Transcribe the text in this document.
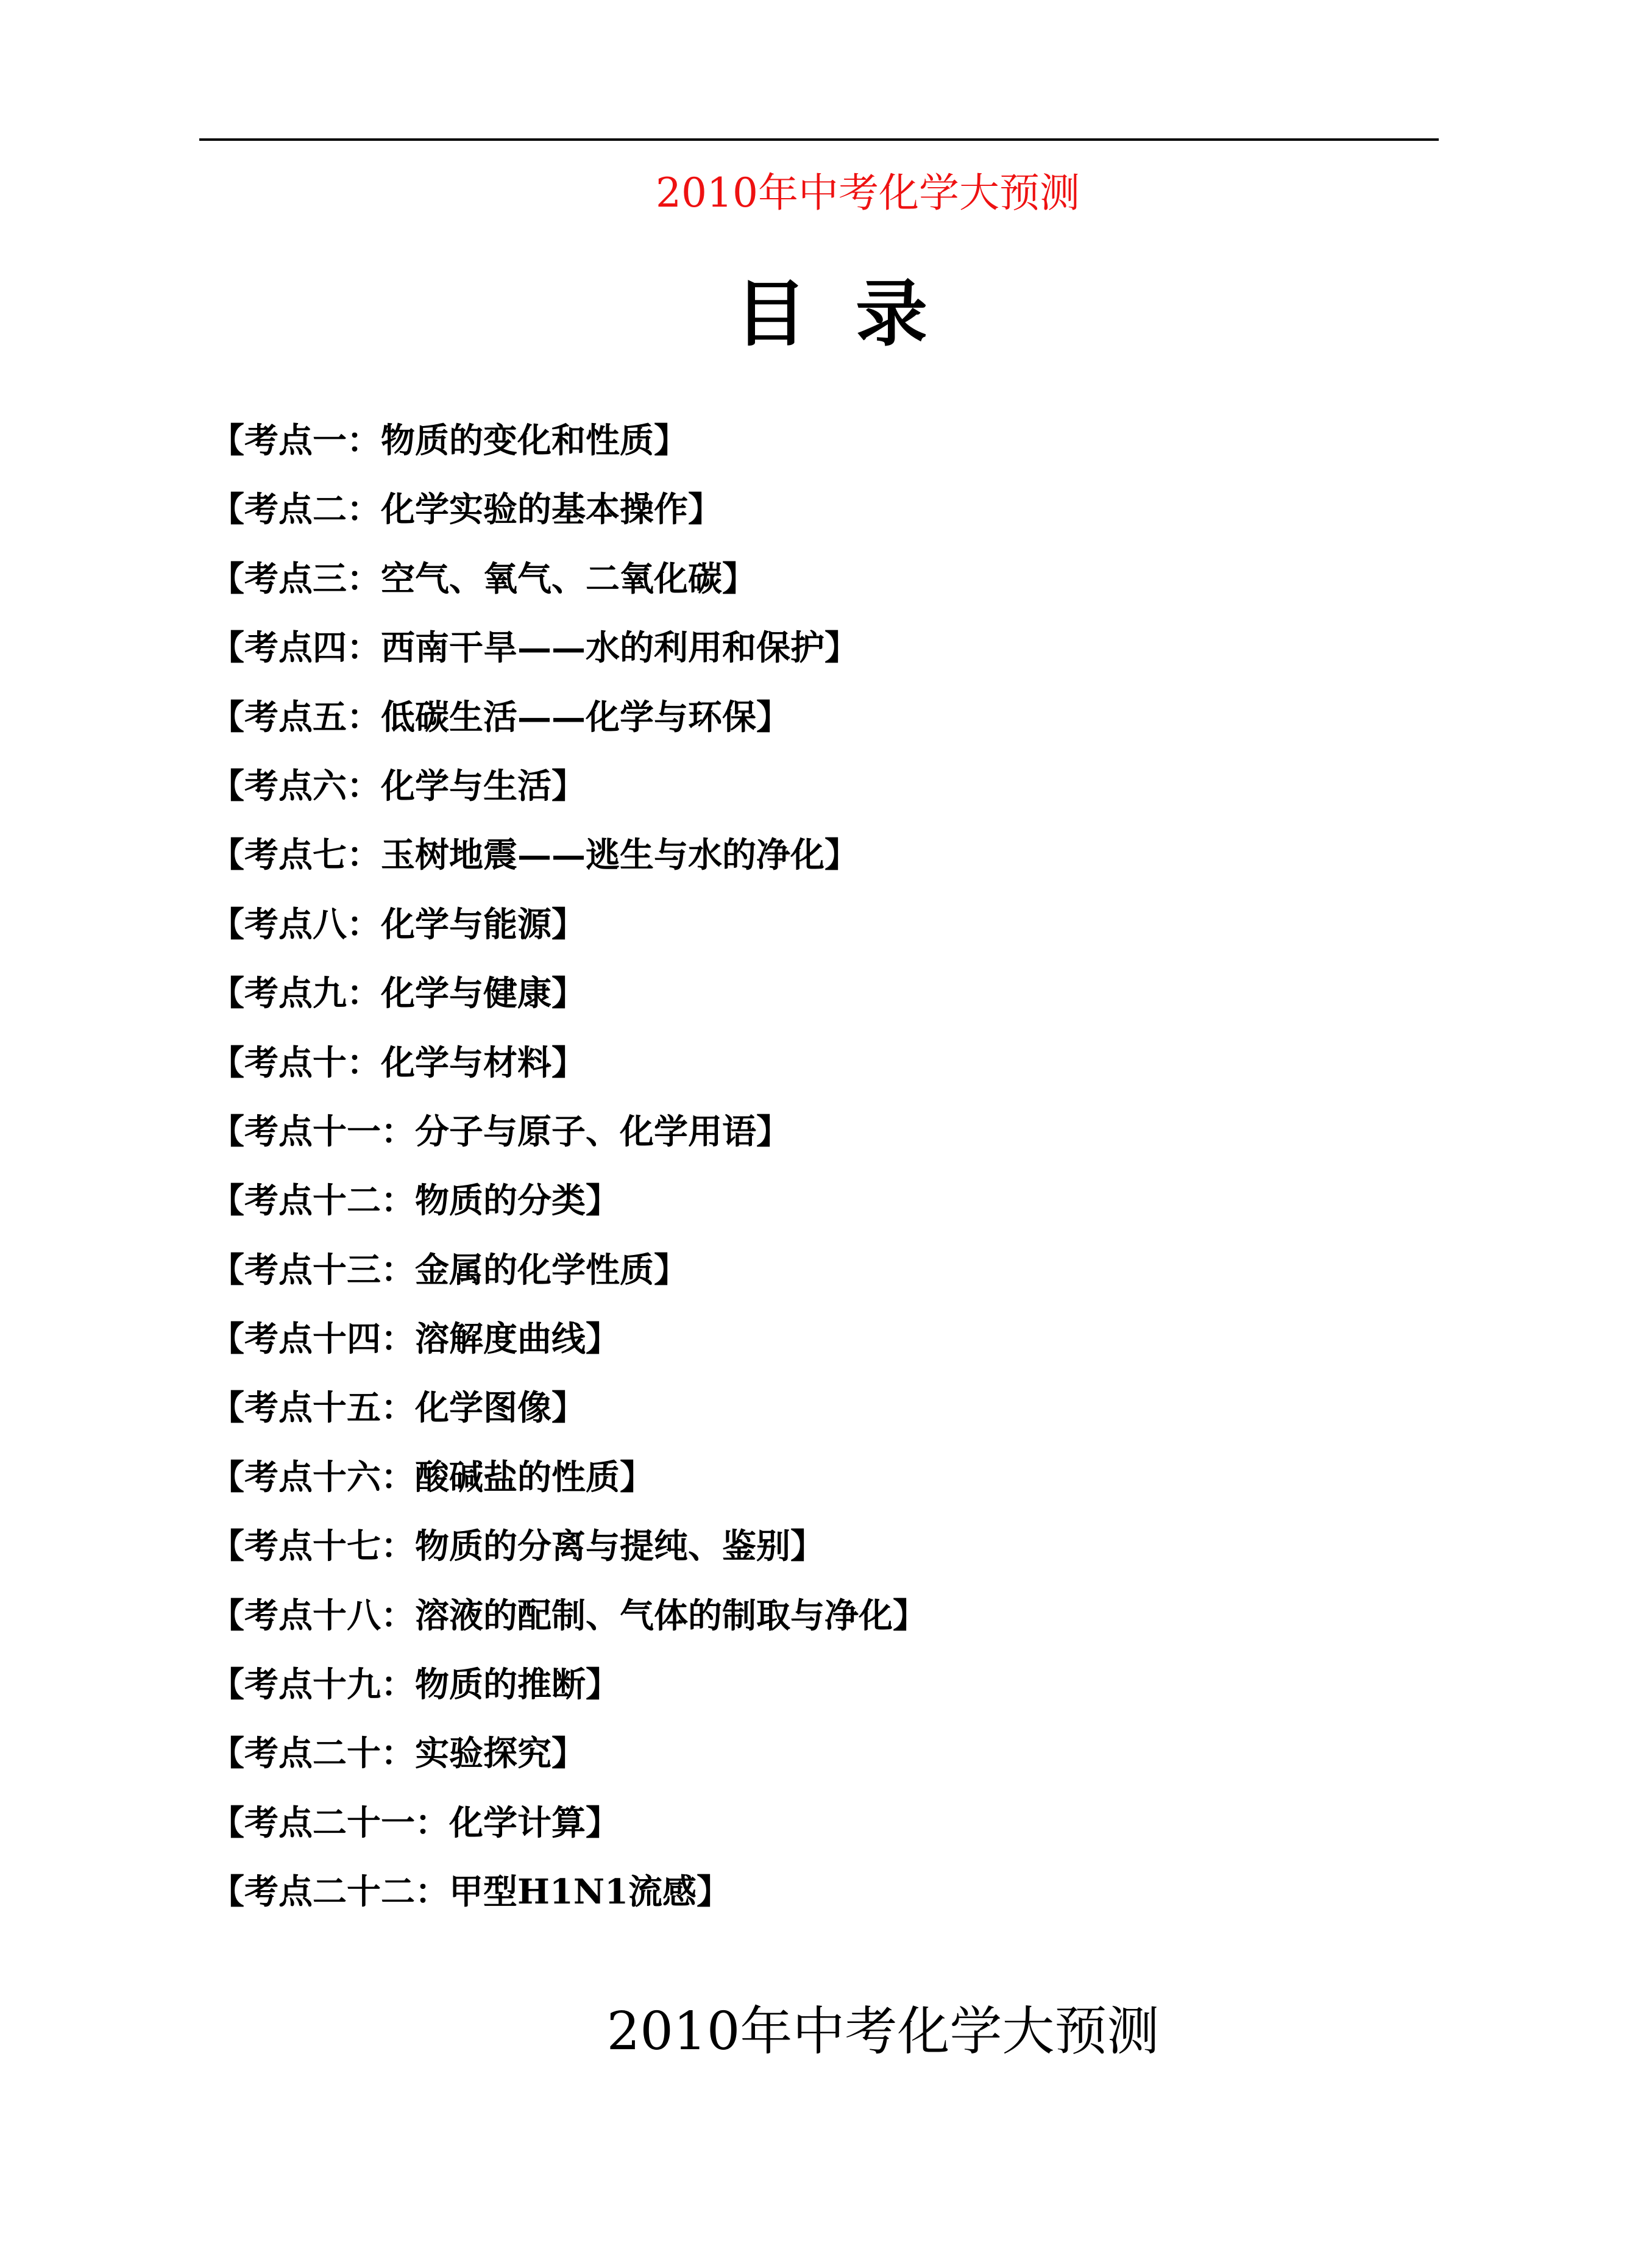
2010年中考化学大预测
目录
【考点一：物质的变化和性质】
【考点二：化学实验的基本操作】
【考点三：空气、氧气、二氧化碳】
【考点四：西南干旱——水的利用和保护】
【考点五：低碳生活——化学与环保】
【考点六：化学与生活】
【考点七：玉树地震——逃生与水的净化】
【考点八：化学与能源】
【考点九：化学与健康】
【考点十：化学与材料】
【考点十一：分子与原子、化学用语】
【考点十二：物质的分类】
【考点十三：金属的化学性质】
【考点十四：溶解度曲线】
【考点十五：化学图像】
【考点十六：酸碱盐的性质】
【考点十七：物质的分离与提纯、鉴别】
【考点十八：溶液的配制、气体的制取与净化】
【考点十九：物质的推断】
【考点二十：实验探究】
【考点二十一：化学计算】
【考点二十二：甲型H1N1流感】
2010年中考化学大预测
